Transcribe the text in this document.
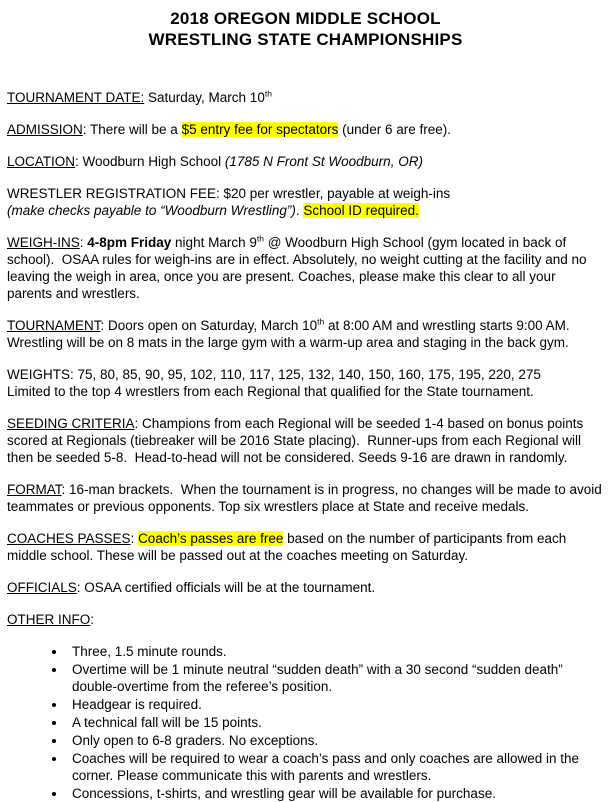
2018 OREGON MIDDLE SCHOOL
WRESTLING STATE CHAMPIONSHIPS

TOURNAMENT DATE: Saturday, March 10th

ADMISSION: There will be a $5 entry fee for spectators (under 6 are free).

LOCATION: Woodburn High School (1785 N Front St Woodburn, OR)

WRESTLER REGISTRATION FEE: $20 per wrestler, payable at weigh-ins
(make checks payable to “Woodburn Wrestling”). School ID required.

WEIGH-INS: 4-8pm Friday night March 9th @ Woodburn High School (gym located in back of school).  OSAA rules for weigh-ins are in effect. Absolutely, no weight cutting at the facility and no leaving the weigh in area, once you are present. Coaches, please make this clear to all your parents and wrestlers.

TOURNAMENT: Doors open on Saturday, March 10th at 8:00 AM and wrestling starts 9:00 AM. Wrestling will be on 8 mats in the large gym with a warm-up area and staging in the back gym.

WEIGHTS: 75, 80, 85, 90, 95, 102, 110, 117, 125, 132, 140, 150, 160, 175, 195, 220, 275
Limited to the top 4 wrestlers from each Regional that qualified for the State tournament.

SEEDING CRITERIA: Champions from each Regional will be seeded 1-4 based on bonus points scored at Regionals (tiebreaker will be 2016 State placing).  Runner-ups from each Regional will then be seeded 5-8.  Head-to-head will not be considered. Seeds 9-16 are drawn in randomly.

FORMAT: 16-man brackets.  When the tournament is in progress, no changes will be made to avoid teammates or previous opponents. Top six wrestlers place at State and receive medals.

COACHES PASSES: Coach’s passes are free based on the number of participants from each middle school. These will be passed out at the coaches meeting on Saturday.

OFFICIALS: OSAA certified officials will be at the tournament.

OTHER INFO:

• Three, 1.5 minute rounds.
• Overtime will be 1 minute neutral “sudden death” with a 30 second “sudden death” double-overtime from the referee’s position.
• Headgear is required.
• A technical fall will be 15 points.
• Only open to 6-8 graders. No exceptions.
• Coaches will be required to wear a coach’s pass and only coaches are allowed in the corner. Please communicate this with parents and wrestlers.
• Concessions, t-shirts, and wrestling gear will be available for purchase.
